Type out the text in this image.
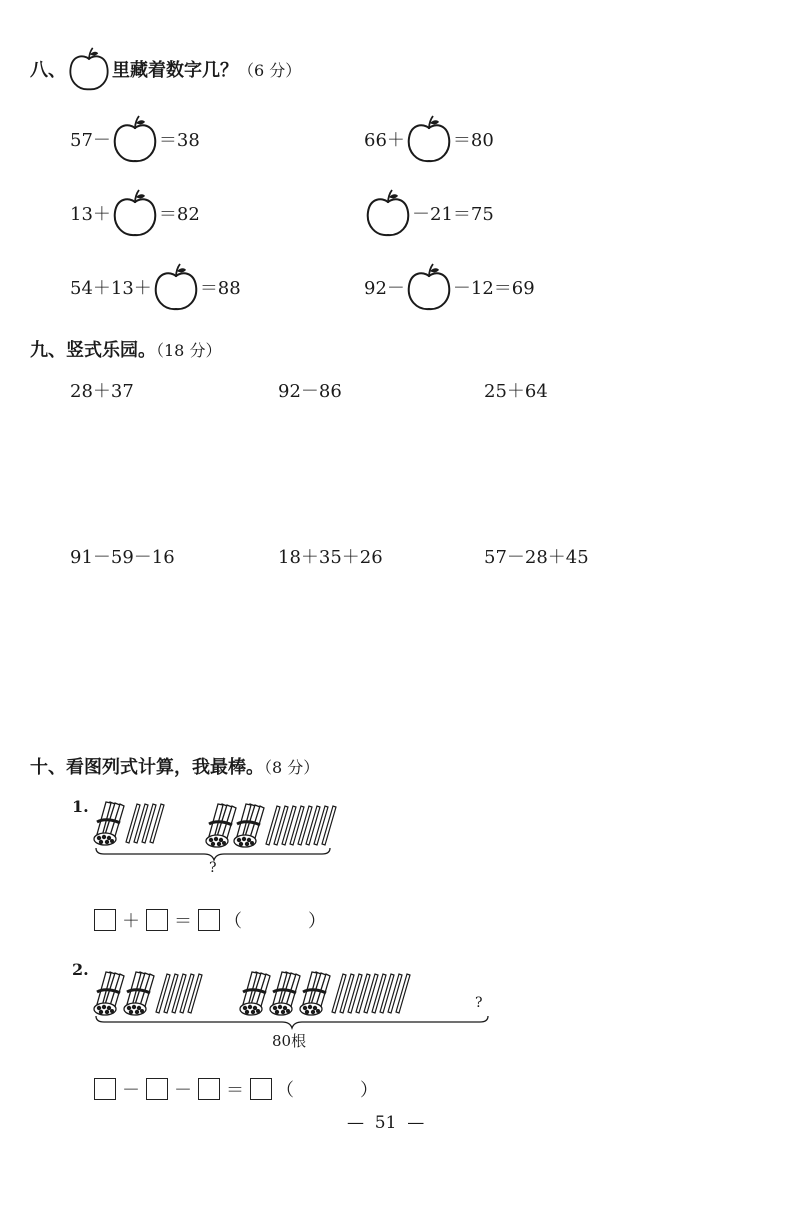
八、	里藏着数字几？ （6 分）
57－	＝38	66＋	＝80
13＋	＝82	－21＝75
54＋13＋	＝88	92－	－12＝69
九、竖式乐园。（18 分）
28＋37	92－86	25＋64
91－59－16	18＋35＋26	57－28＋45
十、看图列式计算，我最棒。（8 分）
1.
?
＋ ＝ （	）
2.
?
80根
－ － ＝ （	）
—  51  —
